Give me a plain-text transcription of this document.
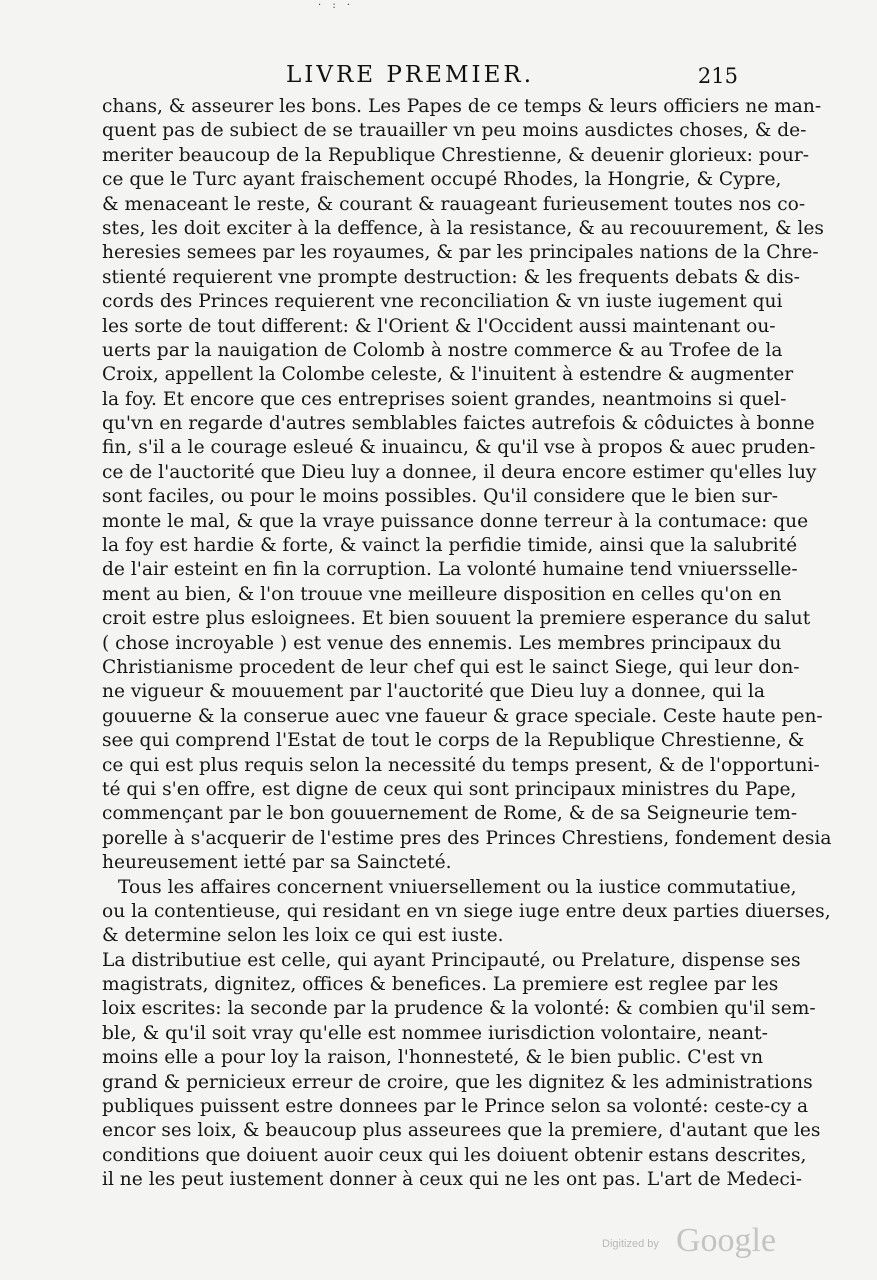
· : ·
LIVRE PREMIER.	215
chans, & asseurer les bons. Les Papes de ce temps & leurs officiers ne man-
quent pas de subiect de se trauailler vn peu moins ausdictes choses, & de-
meriter beaucoup de la Republique Chrestienne, & deuenir glorieux: pour-
ce que le Turc ayant fraischement occupé Rhodes, la Hongrie, & Cypre,
& menaceant le reste, & courant & rauageant furieusement toutes nos co-
stes, les doit exciter à la deffence, à la resistance, & au recouurement, & les
heresies semees par les royaumes, & par les principales nations de la Chre-
stienté requierent vne prompte destruction: & les frequents debats & dis-
cords des Princes requierent vne reconciliation & vn iuste iugement qui
les sorte de tout different: & l'Orient & l'Occident aussi maintenant ou-
uerts par la nauigation de Colomb à nostre commerce & au Trofee de la
Croix, appellent la Colombe celeste, & l'inuitent à estendre & augmenter
la foy. Et encore que ces entreprises soient grandes, neantmoins si quel-
qu'vn en regarde d'autres semblables faictes autrefois & côduictes à bonne
fin, s'il a le courage esleué & inuaincu, & qu'il vse à propos & auec pruden-
ce de l'auctorité que Dieu luy a donnee, il deura encore estimer qu'elles luy
sont faciles, ou pour le moins possibles. Qu'il considere que le bien sur-
monte le mal, & que la vraye puissance donne terreur à la contumace: que
la foy est hardie & forte, & vainct la perfidie timide, ainsi que la salubrité
de l'air esteint en fin la corruption. La volonté humaine tend vniuersselle-
ment au bien, & l'on trouue vne meilleure disposition en celles qu'on en
croit estre plus esloignees. Et bien souuent la premiere esperance du salut
( chose incroyable ) est venue des ennemis. Les membres principaux du
Christianisme procedent de leur chef qui est le sainct Siege, qui leur don-
ne vigueur & mouuement par l'auctorité que Dieu luy a donnee, qui la
gouuerne & la conserue auec vne faueur & grace speciale. Ceste haute pen-
see qui comprend l'Estat de tout le corps de la Republique Chrestienne, &
ce qui est plus requis selon la necessité du temps present, & de l'opportuni-
té qui s'en offre, est digne de ceux qui sont principaux ministres du Pape,
commençant par le bon gouuernement de Rome, & de sa Seigneurie tem-
porelle à s'acquerir de l'estime pres des Princes Chrestiens, fondement desia
heureusement ietté par sa Saincteté.
Tous les affaires concernent vniuersellement ou la iustice commutatiue,
ou la contentieuse, qui residant en vn siege iuge entre deux parties diuerses,
& determine selon les loix ce qui est iuste.
La distributiue est celle, qui ayant Principauté, ou Prelature, dispense ses
magistrats, dignitez, offices & benefices. La premiere est reglee par les
loix escrites: la seconde par la prudence & la volonté: & combien qu'il sem-
ble, & qu'il soit vray qu'elle est nommee iurisdiction volontaire, neant-
moins elle a pour loy la raison, l'honnesteté, & le bien public. C'est vn
grand & pernicieux erreur de croire, que les dignitez & les administrations
publiques puissent estre donnees par le Prince selon sa volonté: ceste-cy a
encor ses loix, & beaucoup plus asseurees que la premiere, d'autant que les
conditions que doiuent auoir ceux qui les doiuent obtenir estans descrites,
il ne les peut iustement donner à ceux qui ne les ont pas. L'art de Medeci-
Digitized by Google
